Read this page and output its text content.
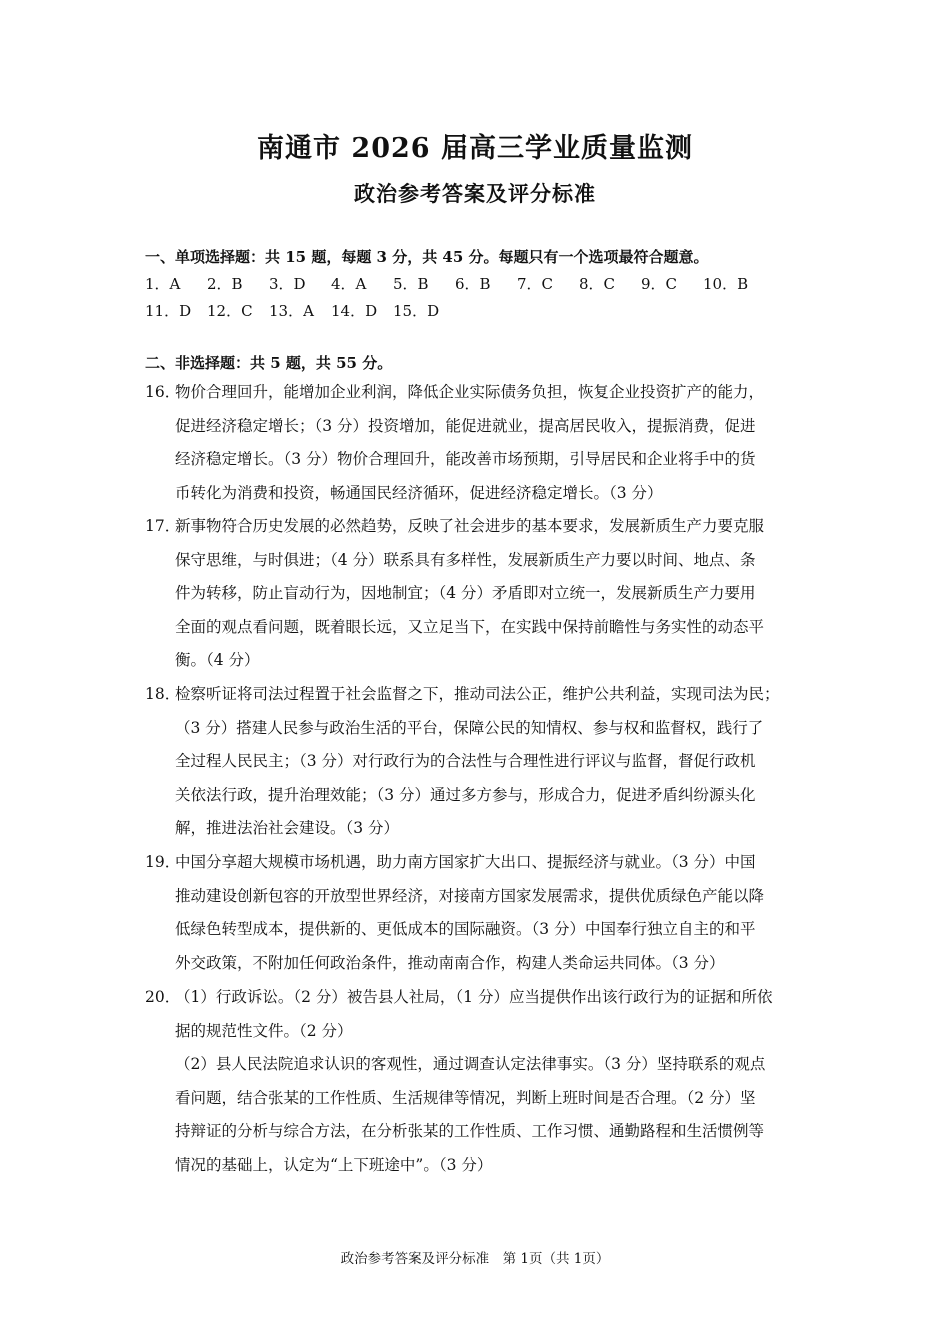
南通市 2026 届高三学业质量监测
政治参考答案及评分标准
一、单项选择题：共 15 题，每题 3 分，共 45 分。每题只有一个选项最符合题意。
1．A	2．B	3．D	4．A	5．B	6．B	7．C	8．C	9．C	10．B
11．D	12．C	13．A	14．D	15．D
二、非选择题：共 5 题，共 55 分。
16．
物价合理回升，能增加企业利润，降低企业实际债务负担，恢复企业投资扩产的能力，
促进经济稳定增长；（3 分）投资增加，能促进就业，提高居民收入，提振消费，促进
经济稳定增长。（3 分）物价合理回升，能改善市场预期，引导居民和企业将手中的货
币转化为消费和投资，畅通国民经济循环，促进经济稳定增长。（3 分）
17．
新事物符合历史发展的必然趋势，反映了社会进步的基本要求，发展新质生产力要克服
保守思维，与时俱进；（4 分）联系具有多样性，发展新质生产力要以时间、地点、条
件为转移，防止盲动行为，因地制宜；（4 分）矛盾即对立统一，发展新质生产力要用
全面的观点看问题，既着眼长远，又立足当下，在实践中保持前瞻性与务实性的动态平
衡。（4 分）
18．
检察听证将司法过程置于社会监督之下，推动司法公正，维护公共利益，实现司法为民；
（3 分）搭建人民参与政治生活的平台，保障公民的知情权、参与权和监督权，践行了
全过程人民民主；（3 分）对行政行为的合法性与合理性进行评议与监督，督促行政机
关依法行政，提升治理效能；（3 分）通过多方参与，形成合力，促进矛盾纠纷源头化
解，推进法治社会建设。（3 分）
19．
中国分享超大规模市场机遇，助力南方国家扩大出口、提振经济与就业。（3 分）中国
推动建设创新包容的开放型世界经济，对接南方国家发展需求，提供优质绿色产能以降
低绿色转型成本，提供新的、更低成本的国际融资。（3 分）中国奉行独立自主的和平
外交政策，不附加任何政治条件，推动南南合作，构建人类命运共同体。（3 分）
20．
（1）行政诉讼。（2 分）被告县人社局，（1 分）应当提供作出该行政行为的证据和所依
据的规范性文件。（2 分）
（2）县人民法院追求认识的客观性，通过调查认定法律事实。（3 分）坚持联系的观点
看问题，结合张某的工作性质、生活规律等情况，判断上班时间是否合理。（2 分）坚
持辩证的分析与综合方法，在分析张某的工作性质、工作习惯、通勤路程和生活惯例等
情况的基础上，认定为“上下班途中”。（3 分）
政治参考答案及评分标准　第 1页（共 1页）
